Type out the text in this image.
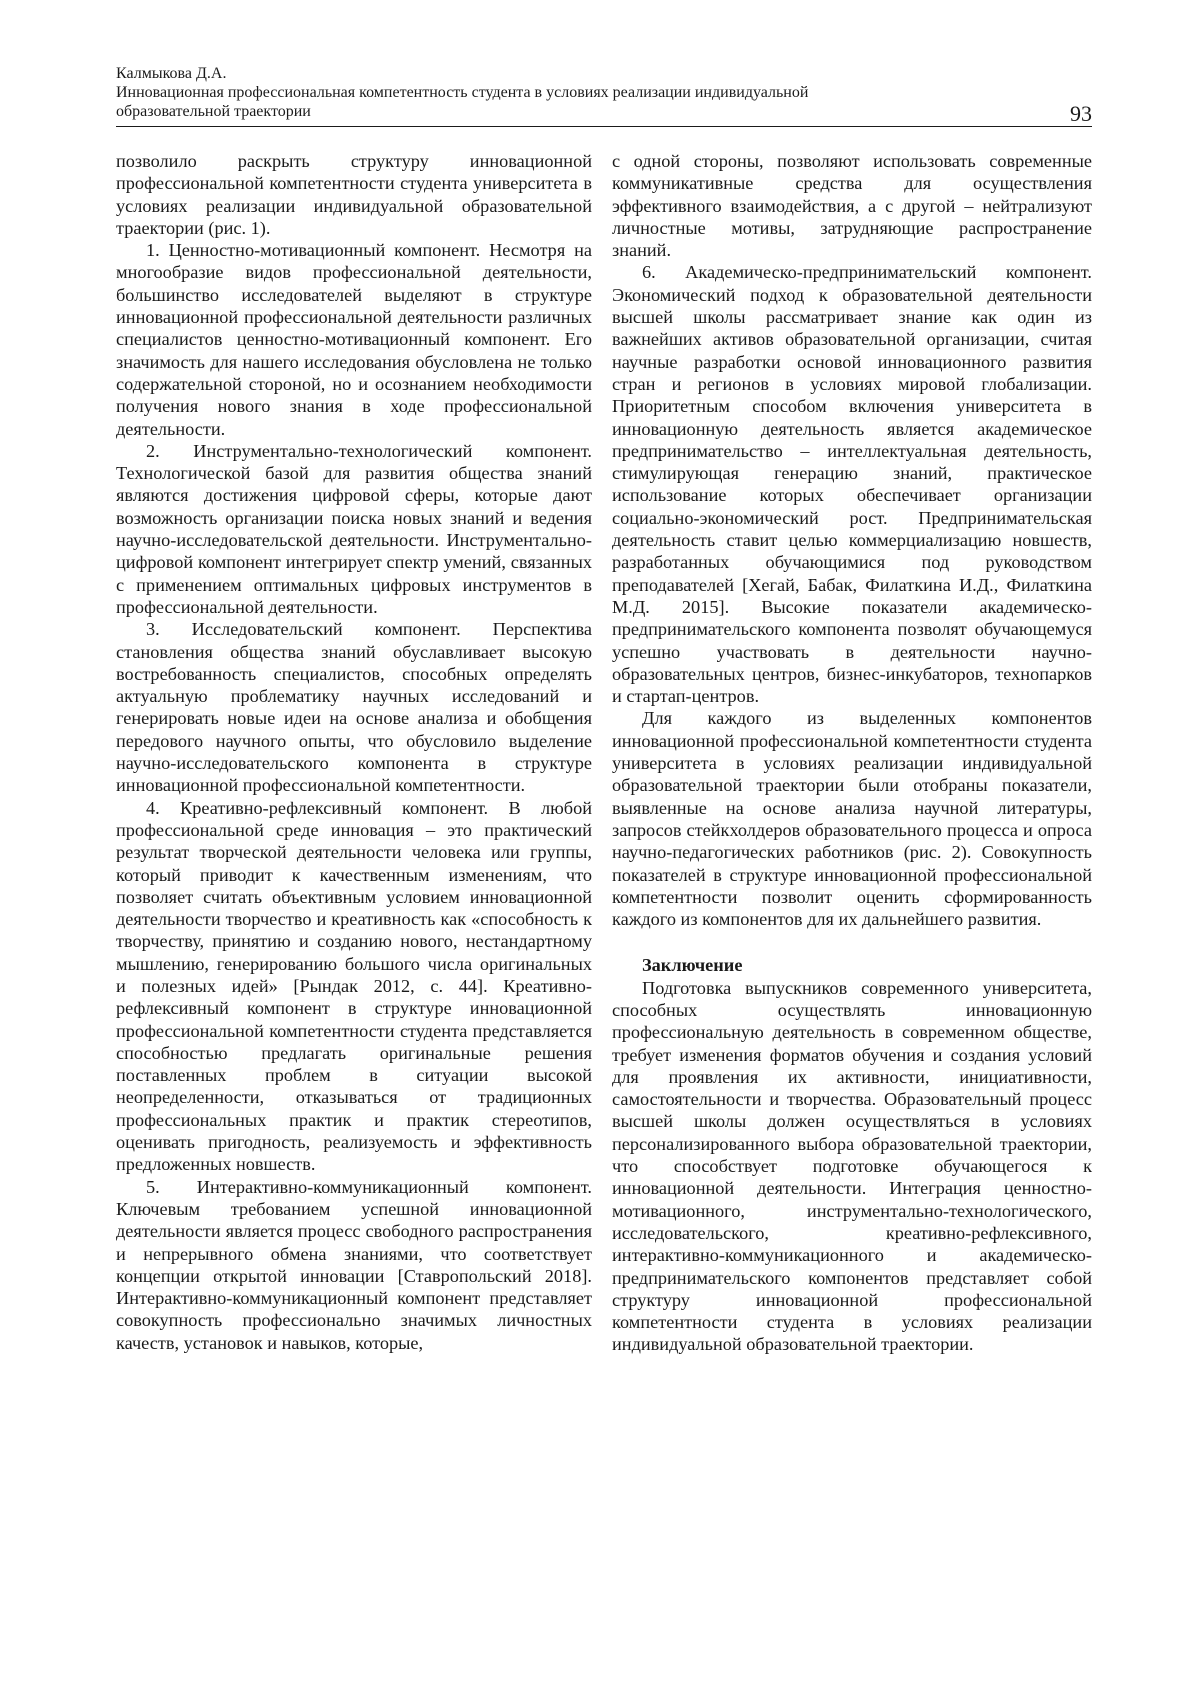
Калмыкова Д.А.
Инновационная профессиональная компетентность студента в условиях реализации индивидуальной
образовательной траектории	93

позволило раскрыть структуру инновационной профессиональной компетентности студента университета в условиях реализации индивидуальной образовательной траектории (рис. 1).

1. Ценностно-мотивационный компонент. Несмотря на многообразие видов профессиональной деятельности, большинство исследователей выделяют в структуре инновационной профессиональной деятельности различных специалистов ценностно-мотивационный компонент. Его значимость для нашего исследования обусловлена не только содержательной стороной, но и осознанием необходимости получения нового знания в ходе профессиональной деятельности.

2. Инструментально-технологический компонент. Технологической базой для развития общества знаний являются достижения цифровой сферы, которые дают возможность организации поиска новых знаний и ведения научно-исследовательской деятельности. Инструментально-цифровой компонент интегрирует спектр умений, связанных с применением оптимальных цифровых инструментов в профессиональной деятельности.

3. Исследовательский компонент. Перспектива становления общества знаний обуславливает высокую востребованность специалистов, способных определять актуальную проблематику научных исследований и генерировать новые идеи на основе анализа и обобщения передового научного опыты, что обусловило выделение научно-исследовательского компонента в структуре инновационной профессиональной компетентности.

4. Креативно-рефлексивный компонент. В любой профессиональной среде инновация – это практический результат творческой деятельности человека или группы, который приводит к качественным изменениям, что позволяет считать объективным условием инновационной деятельности творчество и креативность как «способность к творчеству, принятию и созданию нового, нестандартному мышлению, генерированию большого числа оригинальных и полезных идей» [Рындак 2012, с. 44]. Креативно-рефлексивный компонент в структуре инновационной профессиональной компетентности студента представляется способностью предлагать оригинальные решения поставленных проблем в ситуации высокой неопределенности, отказываться от традиционных профессиональных практик и практик стереотипов, оценивать пригодность, реализуемость и эффективность предложенных новшеств.

5. Интерактивно-коммуникационный компонент. Ключевым требованием успешной инновационной деятельности является процесс свободного распространения и непрерывного обмена знаниями, что соответствует концепции открытой инновации [Ставропольский 2018]. Интерактивно-коммуникационный компонент представляет совокупность профессионально значимых личностных качеств, установок и навыков, которые,

с одной стороны, позволяют использовать современные коммуникативные средства для осуществления эффективного взаимодействия, а с другой – нейтрализуют личностные мотивы, затрудняющие распространение знаний.

6. Академическо-предпринимательский компонент. Экономический подход к образовательной деятельности высшей школы рассматривает знание как один из важнейших активов образовательной организации, считая научные разработки основой инновационного развития стран и регионов в условиях мировой глобализации. Приоритетным способом включения университета в инновационную деятельность является академическое предпринимательство – интеллектуальная деятельность, стимулирующая генерацию знаний, практическое использование которых обеспечивает организации социально-экономический рост. Предпринимательская деятельность ставит целью коммерциализацию новшеств, разработанных обучающимися под руководством преподавателей [Хегай, Бабак, Филаткина И.Д., Филаткина М.Д. 2015]. Высокие показатели академическо-предпринимательского компонента позволят обучающемуся успешно участвовать в деятельности научно-образовательных центров, бизнес-инкубаторов, технопарков и стартап-центров.

Для каждого из выделенных компонентов инновационной профессиональной компетентности студента университета в условиях реализации индивидуальной образовательной траектории были отобраны показатели, выявленные на основе анализа научной литературы, запросов стейкхолдеров образовательного процесса и опроса научно-педагогических работников (рис. 2). Совокупность показателей в структуре инновационной профессиональной компетентности позволит оценить сформированность каждого из компонентов для их дальнейшего развития.

Заключение

Подготовка выпускников современного университета, способных осуществлять инновационную профессиональную деятельность в современном обществе, требует изменения форматов обучения и создания условий для проявления их активности, инициативности, самостоятельности и творчества. Образовательный процесс высшей школы должен осуществляться в условиях персонализированного выбора образовательной траектории, что способствует подготовке обучающегося к инновационной деятельности. Интеграция ценностно-мотивационного, инструментально-технологического, исследовательского, креативно-рефлексивного, интерактивно-коммуникационного и академическо-предпринимательского компонентов представляет собой структуру инновационной профессиональной компетентности студента в условиях реализации индивидуальной образовательной траектории.
